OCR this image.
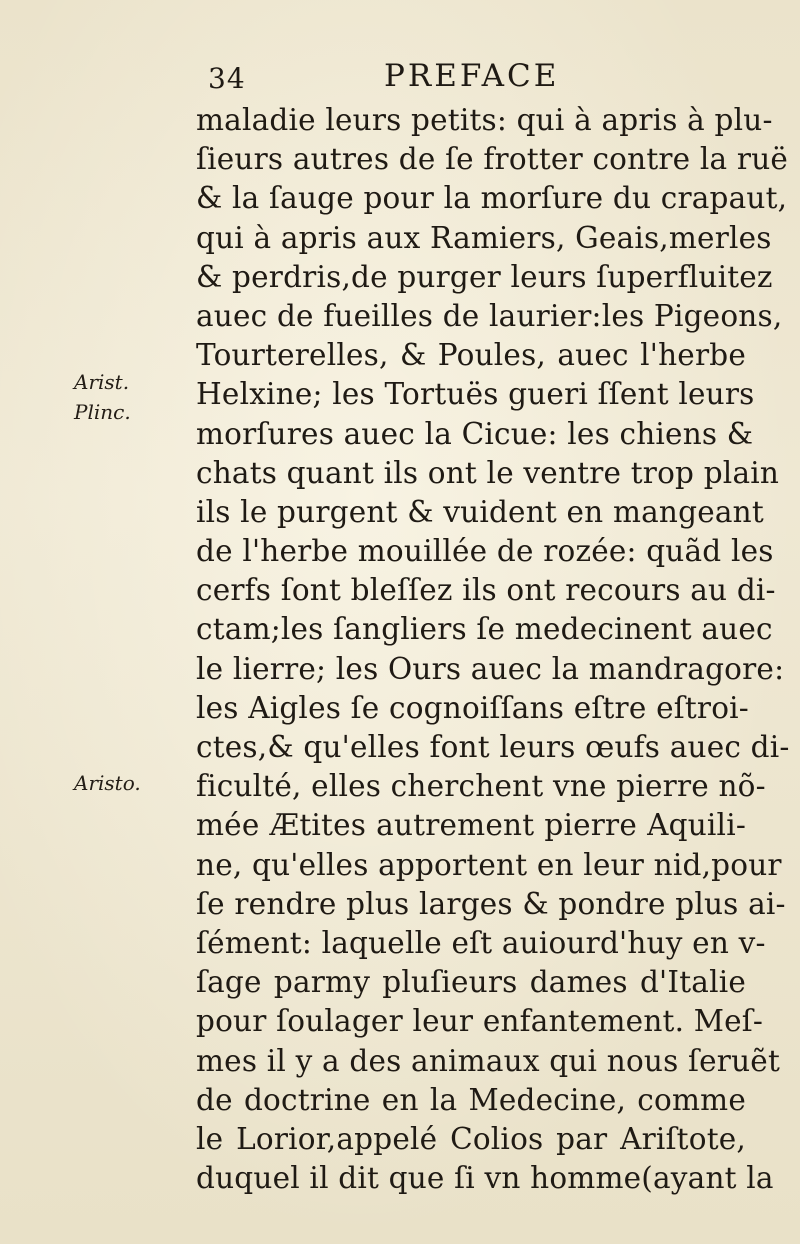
34	PREFACE
Arist.
Plinc.
Aristo.
maladie leurs petits: qui à apris à plu-
ſieurs autres de ſe frotter contre la ruë
& la ſauge pour la morſure du crapaut,
qui à apris aux Ramiers, Geais,merles
& perdris,de purger leurs ſuperfluitez
auec de fueilles de laurier:les Pigeons,
Tourterelles, & Poules, auec l'herbe
Helxine; les Tortuës gueri ſſent leurs
morſures auec la Cicue: les chiens &
chats quant ils ont le ventre trop plain
ils le purgent & vuident en mangeant
de l'herbe mouillée de rozée: quãd les
cerfs ſont bleſſez ils ont recours au di-
ctam;les ſangliers ſe medecinent auec
le lierre; les Ours auec la mandragore:
les Aigles ſe cognoiſſans eſtre eſtroi-
ctes,& qu'elles font leurs œufs auec di-
ficulté, elles cherchent vne pierre nõ-
mée Ætites autrement pierre Aquili-
ne, qu'elles apportent en leur nid,pour
ſe rendre plus larges & pondre plus ai-
ſément: laquelle eſt auiourd'huy en v-
ſage parmy pluſieurs dames d'Italie
pour ſoulager leur enfantement. Meſ-
mes il y a des animaux qui nous ſeruẽt
de doctrine en la Medecine, comme
le Lorior,appelé Colios par Ariſtote,
duquel il dit que ſi vn homme(ayant la
